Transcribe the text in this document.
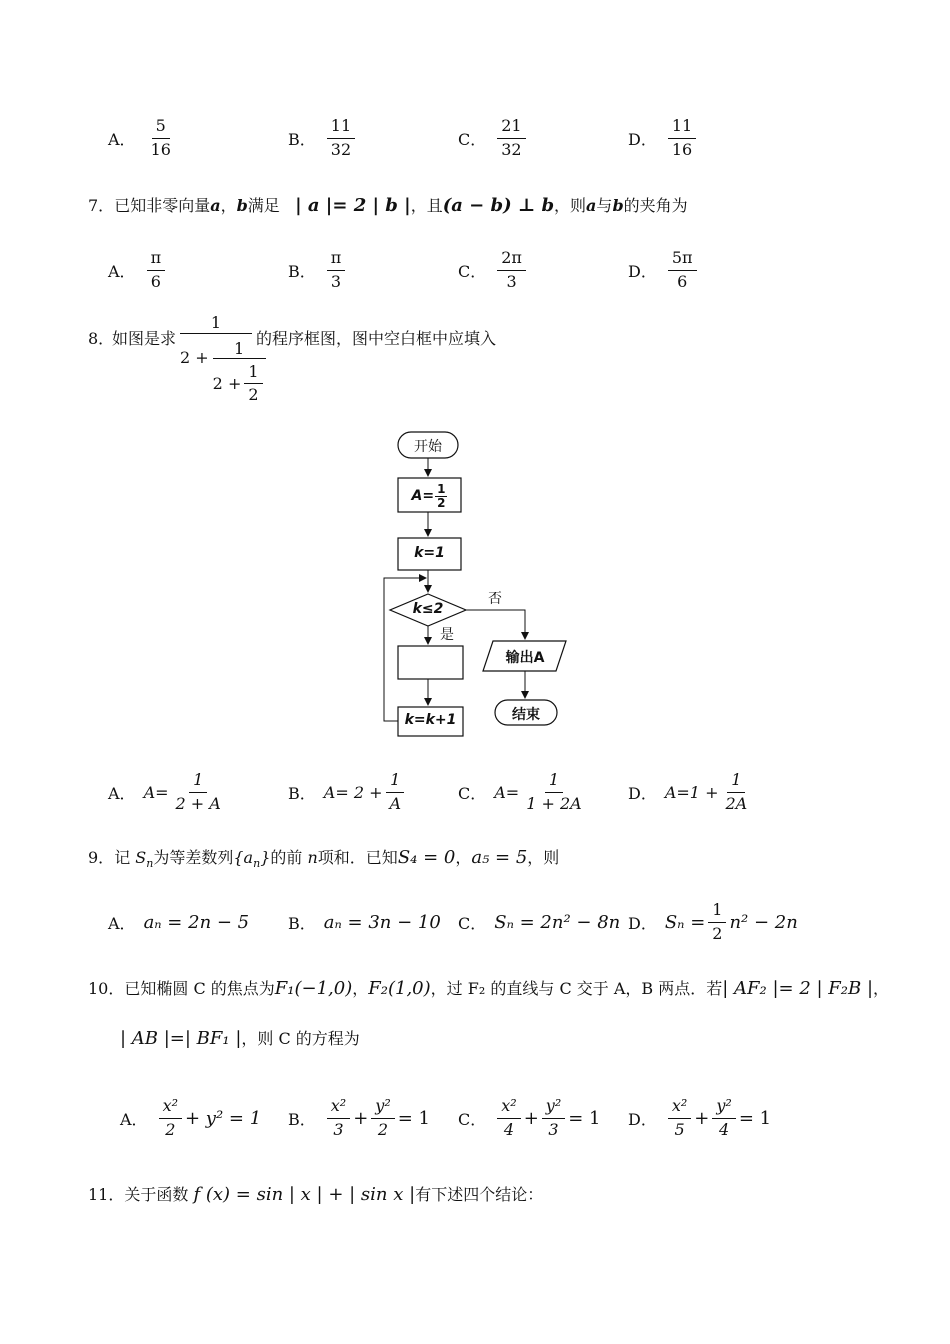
A． $\frac{5}{16}$	B． $\frac{11}{32}$	C． $\frac{21}{32}$	D． $\frac{11}{16}$
7．已知非零向量a，b满足 | a |= 2 | b |，且(a − b) ⊥ b，则a与b的夹角为
A． $\frac{\pi}{6}$	B． $\frac{\pi}{3}$	C． $\frac{2\pi}{3}$	D． $\frac{5\pi}{6}$
8．
如图是求
1
2 +	1
$2 + \frac{1}{2}$
的程序框图，图中空白框中应填入
开始
$A= \frac{1}{2}$
k=1
k≤2
否
是
输出A
结束
k=k+1
A． $A= \frac{1}{2 + A}$	B． $A= 2 + \frac{1}{A}$	C． $A= \frac{1}{1 + 2A}$	D． $A=1 + \frac{1}{2A}$
9．记 $S_n$为等差数列$\{a_n\}$的前 n项和．已知S₄ = 0，a₅ = 5，则
A． aₙ = 2n − 5 B． aₙ = 3n − 10 C． Sₙ = 2n² − 8n D． $S_n = \frac{1}{2} n^2 - 2n$
10．已知椭圆 C 的焦点为F₁(−1,0)，F₂(1,0)，过 F₂ 的直线与 C 交于 A，B 两点．若| AF₂ |= 2 | F₂B |，
| AB |=| BF₁ |，则 C 的方程为
A． $\frac{\text{x²}}{2} + y^2 = 1$ B． $\frac{\text{x²}}{3} + \frac{\text{y²}}{2} = 1$ C． $\frac{\text{x²}}{4} + \frac{\text{y²}}{3} = 1$ D． $\frac{\text{x²}}{5} + \frac{\text{y²}}{4} = 1$
11．关于函数 f (x) = sin | x | + | sin x |有下述四个结论：
